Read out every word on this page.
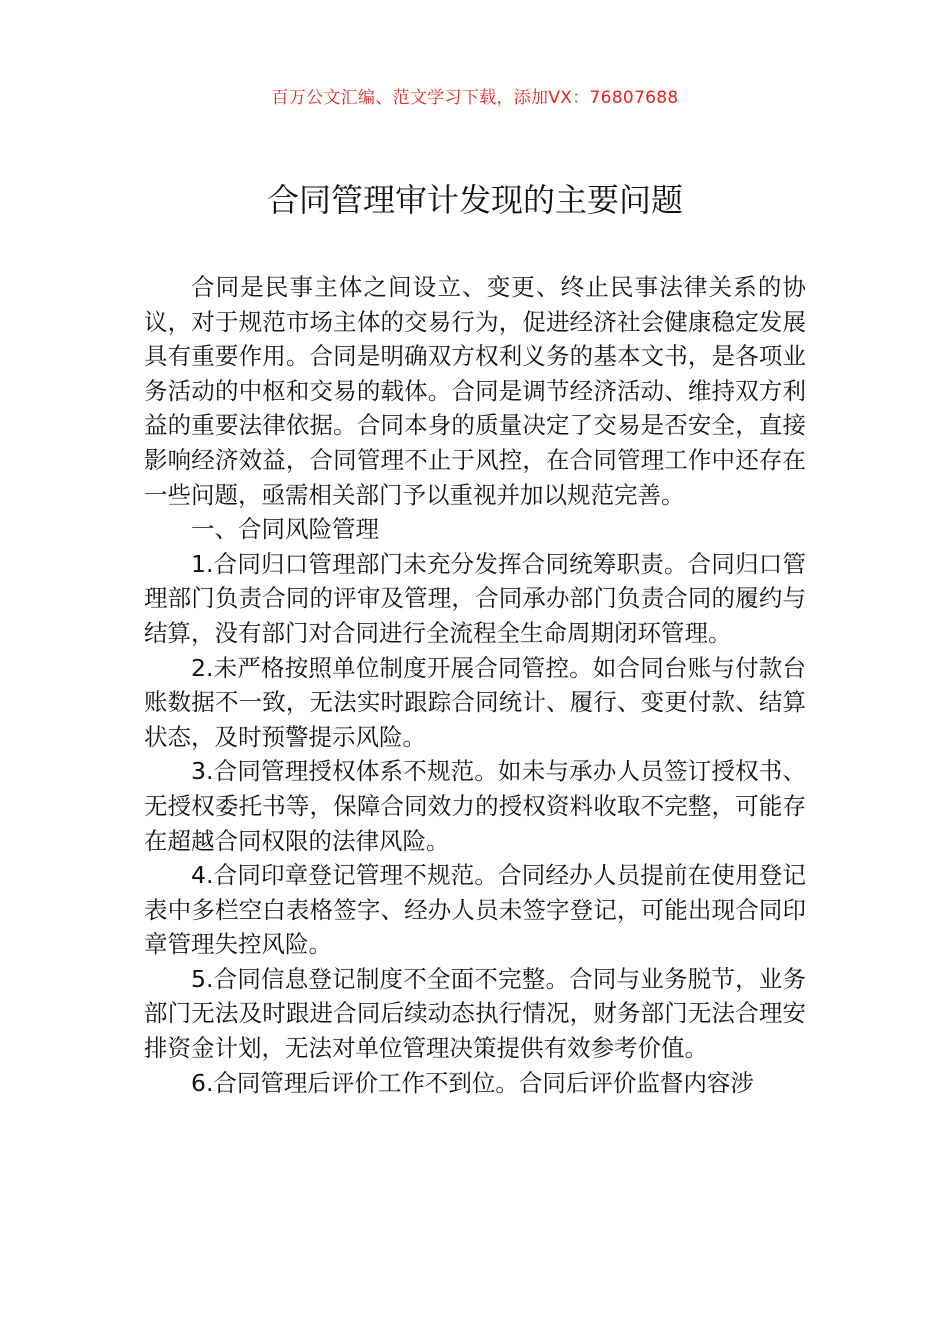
百万公文汇编、范文学习下载，添加VX：76807688
合同管理审计发现的主要问题

合同是民事主体之间设立、变更、终止民事法律关系的协议，对于规范市场主体的交易行为，促进经济社会健康稳定发展具有重要作用。合同是明确双方权利义务的基本文书，是各项业务活动的中枢和交易的载体。合同是调节经济活动、维持双方利益的重要法律依据。合同本身的质量决定了交易是否安全，直接影响经济效益，合同管理不止于风控，在合同管理工作中还存在一些问题，亟需相关部门予以重视并加以规范完善。

一、合同风险管理

1.合同归口管理部门未充分发挥合同统筹职责。合同归口管理部门负责合同的评审及管理，合同承办部门负责合同的履约与结算，没有部门对合同进行全流程全生命周期闭环管理。

2.未严格按照单位制度开展合同管控。如合同台账与付款台账数据不一致，无法实时跟踪合同统计、履行、变更付款、结算状态，及时预警提示风险。

3.合同管理授权体系不规范。如未与承办人员签订授权书、无授权委托书等，保障合同效力的授权资料收取不完整，可能存在超越合同权限的法律风险。

4.合同印章登记管理不规范。合同经办人员提前在使用登记表中多栏空白表格签字、经办人员未签字登记，可能出现合同印章管理失控风险。

5.合同信息登记制度不全面不完整。合同与业务脱节，业务部门无法及时跟进合同后续动态执行情况，财务部门无法合理安排资金计划，无法对单位管理决策提供有效参考价值。

6.合同管理后评价工作不到位。合同后评价监督内容涉
